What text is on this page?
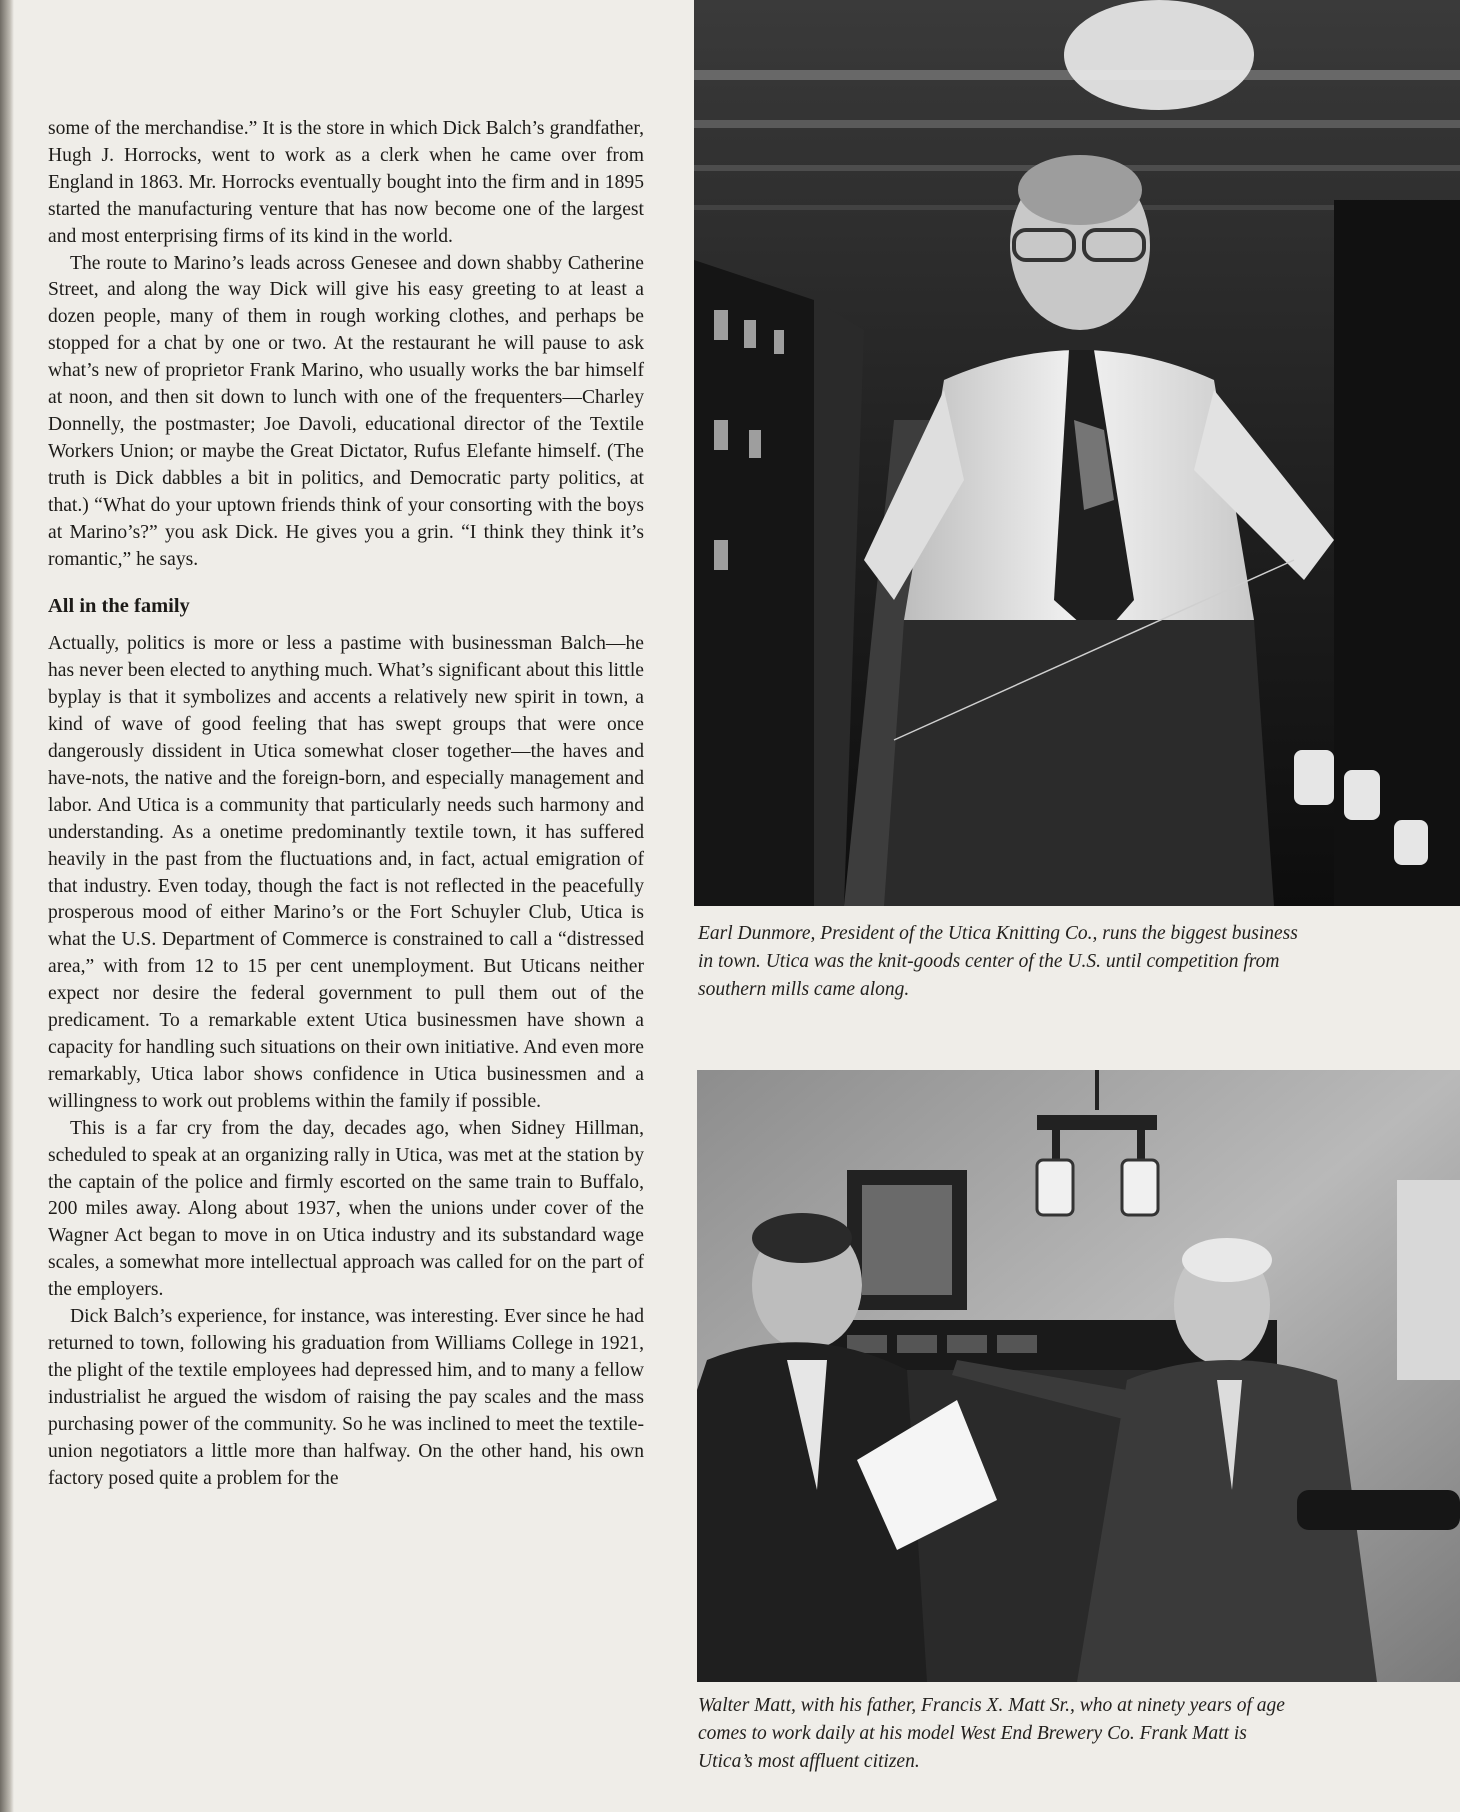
some of the merchandise.” It is the store in which Dick Balch’s grandfather, Hugh J. Horrocks, went to work as a clerk when he came over from England in 1863. Mr. Horrocks eventually bought into the firm and in 1895 started the manufacturing venture that has now become one of the largest and most enterprising firms of its kind in the world.

The route to Marino’s leads across Genesee and down shabby Catherine Street, and along the way Dick will give his easy greeting to at least a dozen people, many of them in rough working clothes, and perhaps be stopped for a chat by one or two. At the restaurant he will pause to ask what’s new of proprietor Frank Marino, who usually works the bar himself at noon, and then sit down to lunch with one of the frequenters—Charley Donnelly, the postmaster; Joe Davoli, educational director of the Textile Workers Union; or maybe the Great Dictator, Rufus Elefante himself. (The truth is Dick dabbles a bit in politics, and Democratic party politics, at that.) “What do your uptown friends think of your consorting with the boys at Marino’s?” you ask Dick. He gives you a grin. “I think they think it’s romantic,” he says.

All in the family

Actually, politics is more or less a pastime with businessman Balch—he has never been elected to anything much. What’s significant about this little byplay is that it symbolizes and accents a relatively new spirit in town, a kind of wave of good feeling that has swept groups that were once dangerously dissident in Utica somewhat closer together—the haves and have-nots, the native and the foreign-born, and especially management and labor. And Utica is a community that particularly needs such harmony and understanding. As a onetime predominantly textile town, it has suffered heavily in the past from the fluctuations and, in fact, actual emigration of that industry. Even today, though the fact is not reflected in the peacefully prosperous mood of either Marino’s or the Fort Schuyler Club, Utica is what the U.S. Department of Commerce is constrained to call a “distressed area,” with from 12 to 15 per cent unemployment. But Uticans neither expect nor desire the federal government to pull them out of the predicament. To a remarkable extent Utica businessmen have shown a capacity for handling such situations on their own initiative. And even more remarkably, Utica labor shows confidence in Utica businessmen and a willingness to work out problems within the family if possible.

This is a far cry from the day, decades ago, when Sidney Hillman, scheduled to speak at an organizing rally in Utica, was met at the station by the captain of the police and firmly escorted on the same train to Buffalo, 200 miles away. Along about 1937, when the unions under cover of the Wagner Act began to move in on Utica industry and its substandard wage scales, a somewhat more intellectual approach was called for on the part of the employers.

Dick Balch’s experience, for instance, was interesting. Ever since he had returned to town, following his graduation from Williams College in 1921, the plight of the textile employees had depressed him, and to many a fellow industrialist he argued the wisdom of raising the pay scales and the mass purchasing power of the community. So he was inclined to meet the textile-union negotiators a little more than halfway. On the other hand, his own factory posed quite a problem for the

Earl Dunmore, President of the Utica Knitting Co., runs the biggest business in town. Utica was the knit-goods center of the U.S. until competition from southern mills came along.
Walter Matt, with his father, Francis X. Matt Sr., who at ninety years of age comes to work daily at his model West End Brewery Co. Frank Matt is Utica’s most affluent citizen.
